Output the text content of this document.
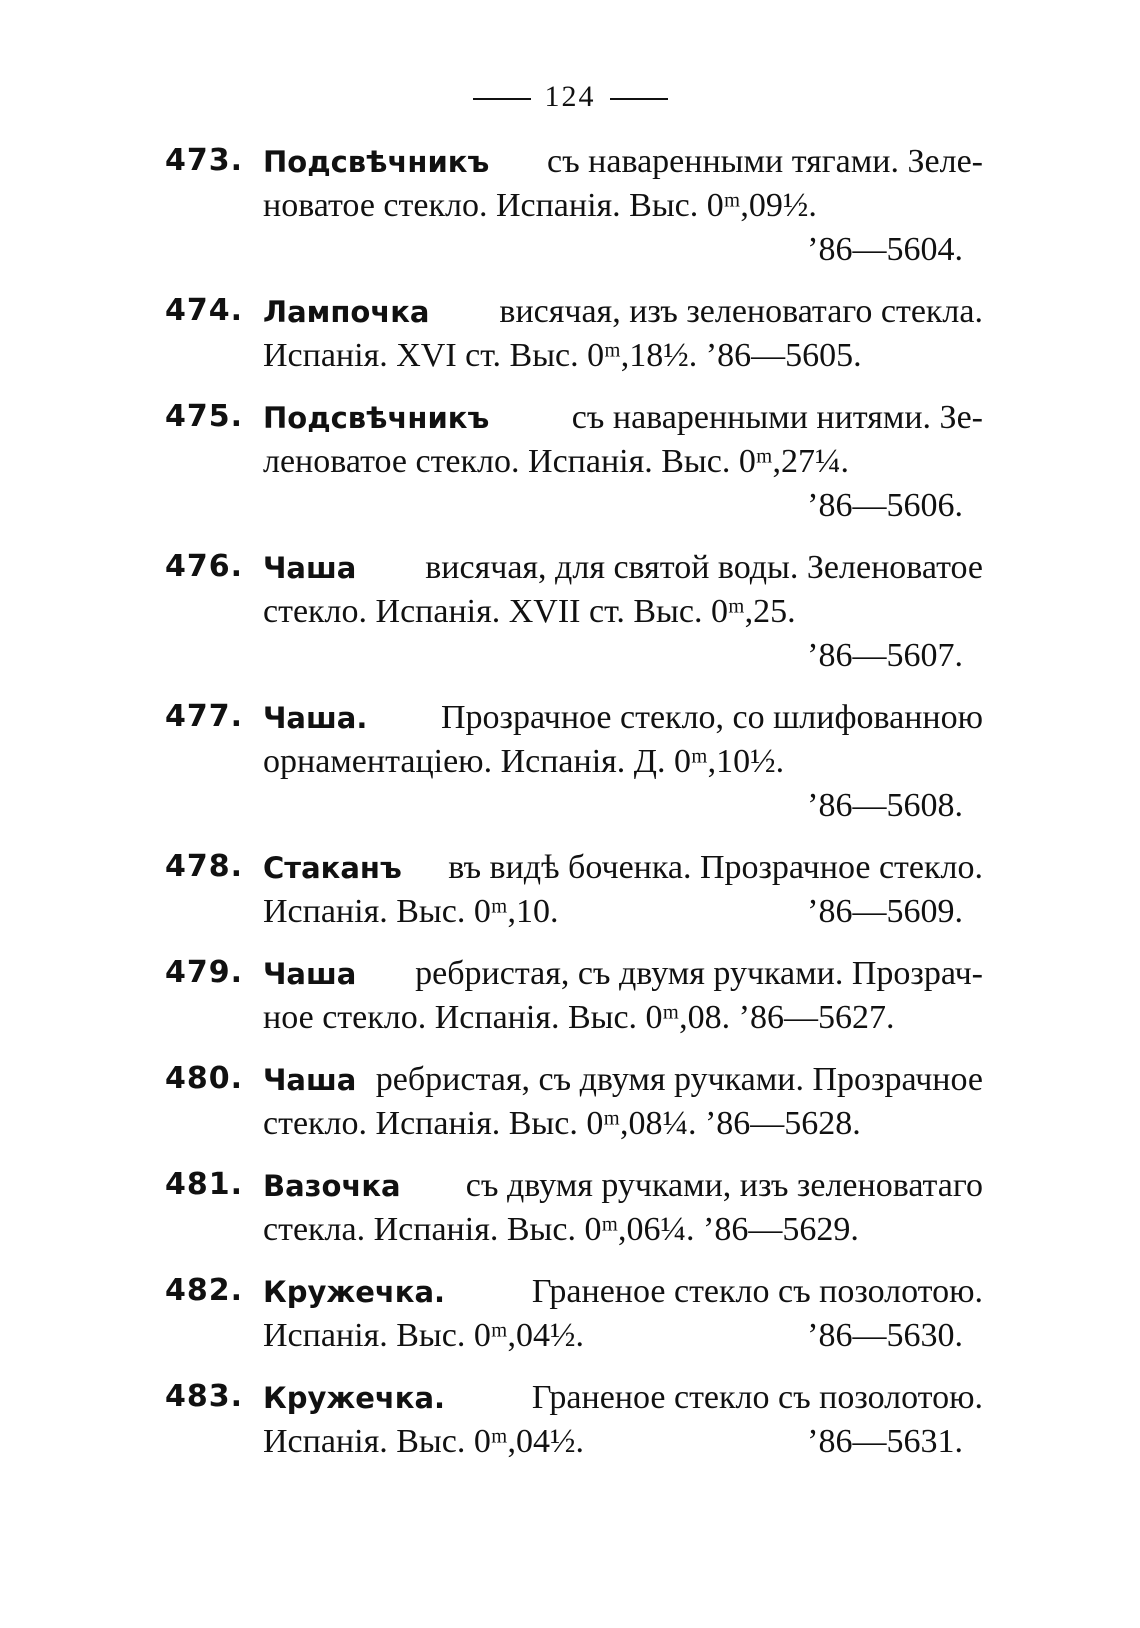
124
473. Подсвѣчникъ съ наваренными тягами. Зеле-
новатое стекло. Испанія. Выс. 0ᵐ,09½.
’86—5604.
474. Лампочка висячая, изъ зеленоватаго стекла.
Испанія. XVI ст. Выс. 0ᵐ,18½. ’86—5605.
475. Подсвѣчникъ съ наваренными нитями. Зе-
леноватое стекло. Испанія. Выс. 0ᵐ,27¼.
’86—5606.
476. Чаша висячая, для святой воды. Зеленоватое
стекло. Испанія. XVII ст. Выс. 0ᵐ,25.
’86—5607.
477. Чаша. Прозрачное стекло, со шлифованною
орнаментаціею. Испанія. Д. 0ᵐ,10½.
’86—5608.
478. Стаканъ въ видѣ боченка. Прозрачное стекло.
Испанія. Выс. 0ᵐ,10.	’86—5609.
479. Чаша ребристая, съ двумя ручками. Прозрач-
ное стекло. Испанія. Выс. 0ᵐ,08. ’86—5627.
480. Чаша ребристая, съ двумя ручками. Прозрачное
стекло. Испанія. Выс. 0ᵐ,08¼. ’86—5628.
481. Вазочка съ двумя ручками, изъ зеленоватаго
стекла. Испанія. Выс. 0ᵐ,06¼. ’86—5629.
482. Кружечка.	Граненое стекло съ позолотою.
Испанія. Выс. 0ᵐ,04½.	’86—5630.
483. Кружечка.	Граненое стекло съ позолотою.
Испанія. Выс. 0ᵐ,04½.	’86—5631.
